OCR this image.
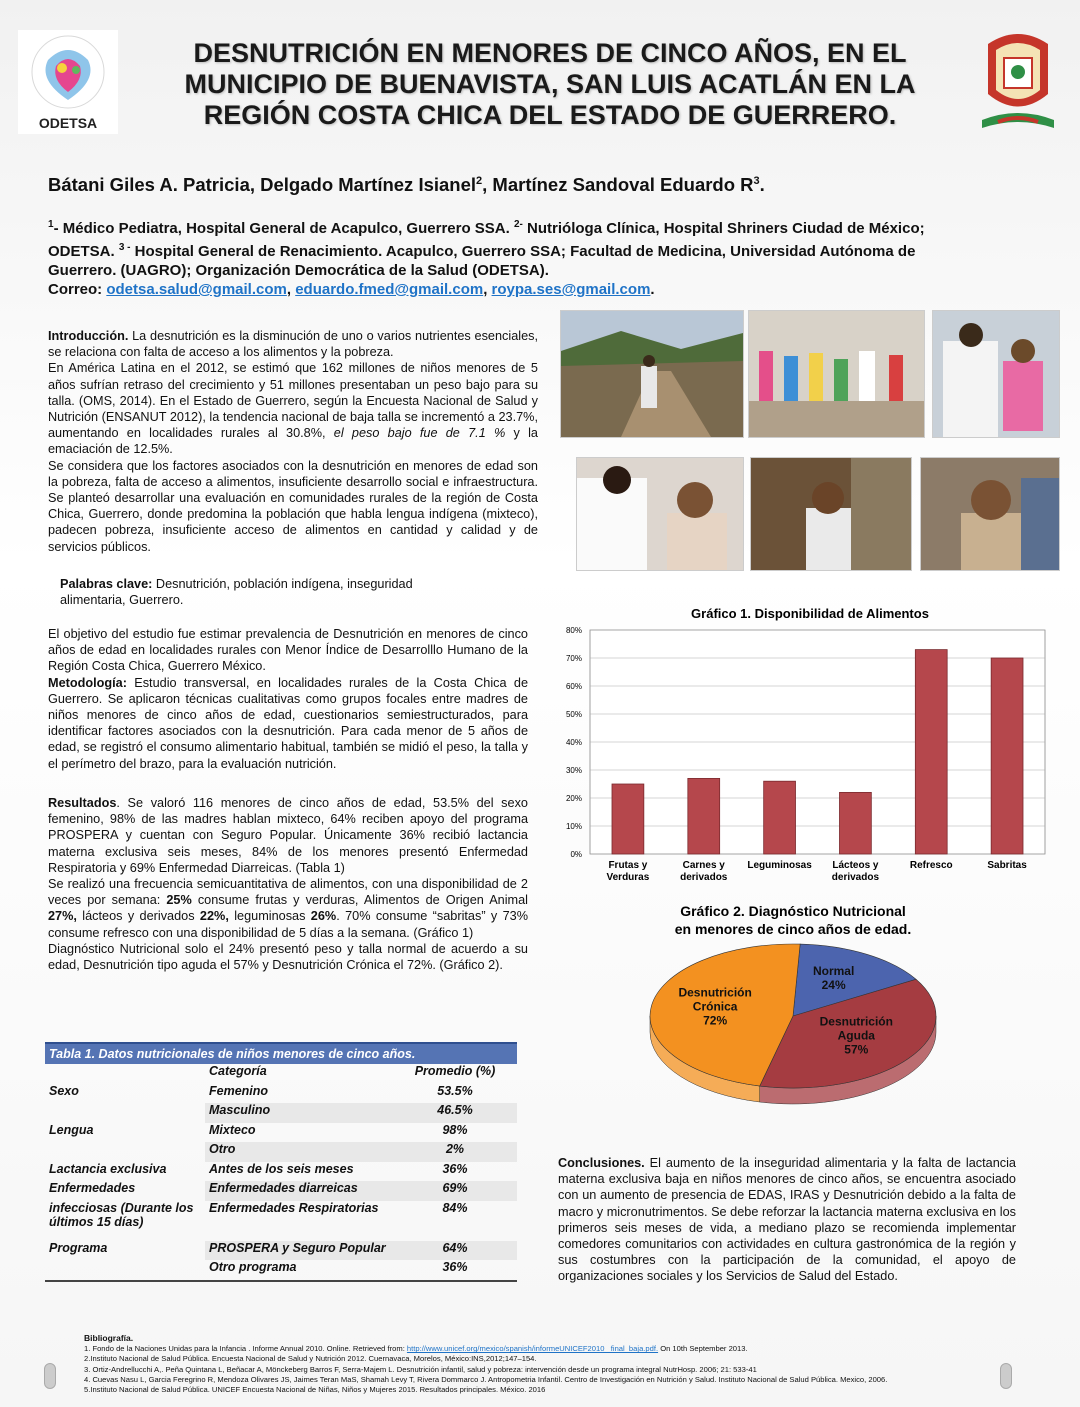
ODETSA
DESNUTRICIÓN EN MENORES DE CINCO AÑOS, EN EL MUNICIPIO DE BUENAVISTA, SAN LUIS ACATLÁN EN LA REGIÓN COSTA CHICA DEL ESTADO DE GUERRERO.
Bátani Giles A. Patricia, Delgado Martínez Isianel$^2$, Martínez Sandoval Eduardo $R^3$.
$^1$- Médico Pediatra, Hospital General de Acapulco, Guerrero SSA. $^{2-}$ Nutrióloga Clínica, Hospital Shriners Ciudad de México; ODETSA. $^{3 -}$ Hospital General de Renacimiento. Acapulco, Guerrero SSA; Facultad de Medicina, Universidad Autónoma de Guerrero. (UAGRO); Organización Democrática de la Salud (ODETSA).
Correo: odetsa.salud@gmail.com, eduardo.fmed@gmail.com, roypa.ses@gmail.com.

Introducción. La desnutrición es la disminución de uno o varios nutrientes esenciales, se relaciona con falta de acceso a los alimentos y la pobreza.

En América Latina en el 2012, se estimó que 162 millones de niños menores de 5 años sufrían retraso del crecimiento y 51 millones presentaban un peso bajo para su talla. (OMS, 2014). En el Estado de Guerrero, según la Encuesta Nacional de Salud y Nutrición (ENSANUT 2012), la tendencia nacional de baja talla se incrementó a 23.7%, aumentando en localidades rurales al 30.8%, el peso bajo fue de 7.1 % y la emaciación de 12.5%.

Se considera que los factores asociados con la desnutrición en menores de edad son la pobreza, falta de acceso a alimentos, insuficiente desarrollo social e infraestructura. Se planteó desarrollar una evaluación en comunidades rurales de la región de Costa Chica, Guerrero, donde predomina la población que habla lengua indígena (mixteco), padecen pobreza, insuficiente acceso de alimentos en cantidad y calidad y de servicios públicos.

Palabras clave: Desnutrición, población indígena, inseguridad alimentaria, Guerrero.

El objetivo del estudio fue estimar prevalencia de Desnutrición en menores de cinco años de edad en localidades rurales con Menor Índice de Desarrolllo Humano de la Región Costa Chica, Guerrero México.

Metodología: Estudio transversal, en localidades rurales de la Costa Chica de Guerrero. Se aplicaron técnicas cualitativas como grupos focales entre madres de niños menores de cinco años de edad, cuestionarios semiestructurados, para identificar factores asociados con la desnutrición. Para cada menor de 5 años de edad, se registró el consumo alimentario habitual, también se midió el peso, la talla y el perímetro del brazo, para la evaluación nutrición.

Resultados. Se valoró 116 menores de cinco años de edad, 53.5% del sexo femenino, 98% de las madres hablan mixteco, 64% reciben apoyo del programa PROSPERA y cuentan con Seguro Popular. Únicamente 36% recibió lactancia materna exclusiva seis meses, 84% de los menores presentó Enfermedad Respiratoria y 69% Enfermedad Diarreicas. (Tabla 1)

Se realizó una frecuencia semicuantitativa de alimentos, con una disponibilidad de 2 veces por semana: 25% consume frutas y verduras, Alimentos de Origen Animal 27%, lácteos y derivados 22%, leguminosas 26%. 70% consume “sabritas” y 73% consume refresco con una disponibilidad de 5 días a la semana. (Gráfico 1)

Diagnóstico Nutricional solo el 24% presentó peso y talla normal de acuerdo a su edad, Desnutrición tipo aguda el 57% y Desnutrición Crónica el 72%. (Gráfico 2).

Tabla 1. Datos nutricionales de niños menores de cinco años.
	Categoría	Promedio (%)
Sexo	Femenino	53.5%
	Masculino	46.5%
Lengua	Mixteco	98%
	Otro	2%
Lactancia exclusiva	Antes de los seis meses	36%
Enfermedades	Enfermedades diarreicas	69%
infecciosas (Durante los últimos 15 días)	Enfermedades Respiratorias	84%
Programa	PROSPERA y Seguro Popular	64%
	Otro programa	36%
Gráfico 1. Disponibilidad de Alimentos
0%
10%
20%
30%
40%
50%
60%
70%
80%
Frutas y
Verduras
Carnes y
derivados
Leguminosas Lácteos y
derivados
Refresco	Sabritas
Gráfico 2. Diagnóstico Nutricional
en menores de cinco años de edad.
Normal
24%
Desnutrición
Aguda
57%
Desnutrición
Crónica
72%

Conclusiones. El aumento de la inseguridad alimentaria y la falta de lactancia materna exclusiva baja en niños menores de cinco años, se encuentra asociado con un aumento de presencia de EDAS, IRAS y Desnutrición debido a la falta de macro y micronutrimentos. Se debe reforzar la lactancia materna exclusiva en los primeros seis meses de vida, a mediano plazo se recomienda implementar comedores comunitarios con actividades en cultura gastronómica de la región y sus costumbres con la participación de la comunidad, el apoyo de organizaciones sociales y los Servicios de Salud del Estado.

Bibliografía.

1. Fondo de la Naciones Unidas para la Infancia . Informe Annual 2010. Online. Retrieved from: http://www.unicef.org/mexico/spanish/informeUNICEF2010_ final_baja.pdf. On 10th September 2013.

2.Instituto Nacional de Salud Pública. Encuesta Nacional de Salud y Nutrición 2012. Cuernavaca, Morelos, México:INS,2012;147–154.

3. Ortiz-Andrellucchi A,. Peña Quintana L, Beñacar A, Mönckeberg Barros F, Serra-Majem L. Desnutrición infantil, salud y pobreza: intervención desde un programa integral NutrHosp. 2006; 21: 533-41

4. Cuevas Nasu L, Garcia Feregrino R, Mendoza Olivares JS, Jaimes Teran MaS, Shamah Levy T, Rivera Dommarco J. Antropometria Infantil. Centro de Investigación en Nutrición y Salud. Instituto Nacional de Salud Pública. Mexico, 2006.

5.Instituto Nacional de Salud Pública. UNICEF Encuesta Nacional de Niñas, Niños y Mujeres 2015. Resultados principales. México. 2016
